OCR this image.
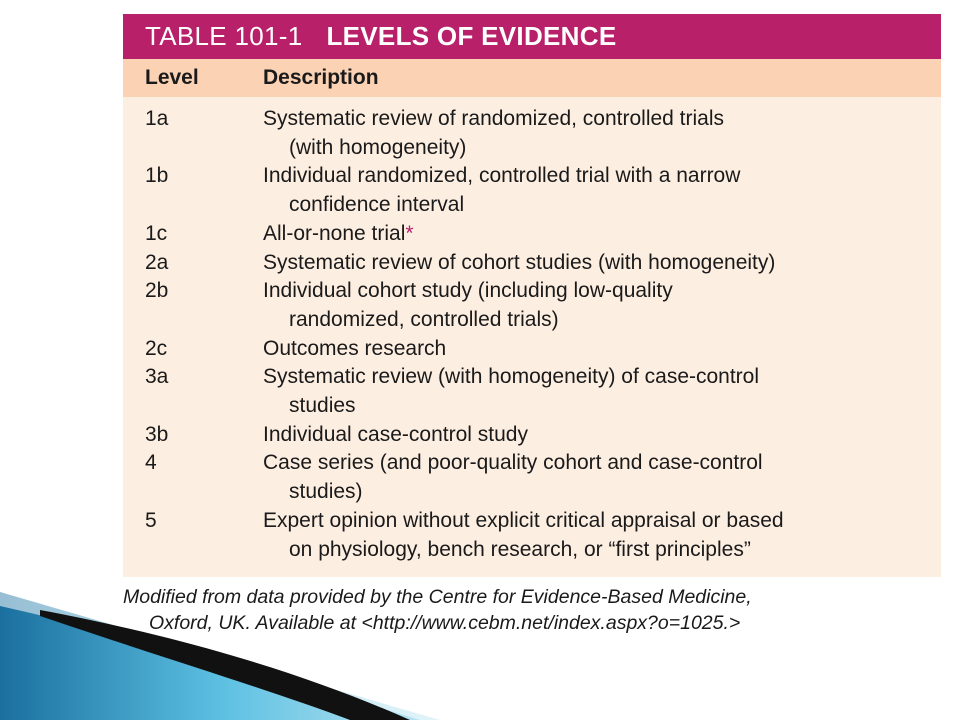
TABLE 101-1 LEVELS OF EVIDENCE
Level	Description
1a	Systematic review of randomized, controlled trials
(with homogeneity)
1b	Individual randomized, controlled trial with a narrow
confidence interval
1c	All-or-none trial*
2a	Systematic review of cohort studies (with homogeneity)
2b	Individual cohort study (including low-quality
randomized, controlled trials)
2c	Outcomes research
3a	Systematic review (with homogeneity) of case-control
studies
3b	Individual case-control study
4	Case series (and poor-quality cohort and case-control
studies)
5	Expert opinion without explicit critical appraisal or based
on physiology, bench research, or “first principles”
Modified from data provided by the Centre for Evidence-Based Medicine,
Oxford, UK. Available at <http://www.cebm.net/index.aspx?o=1025.>
